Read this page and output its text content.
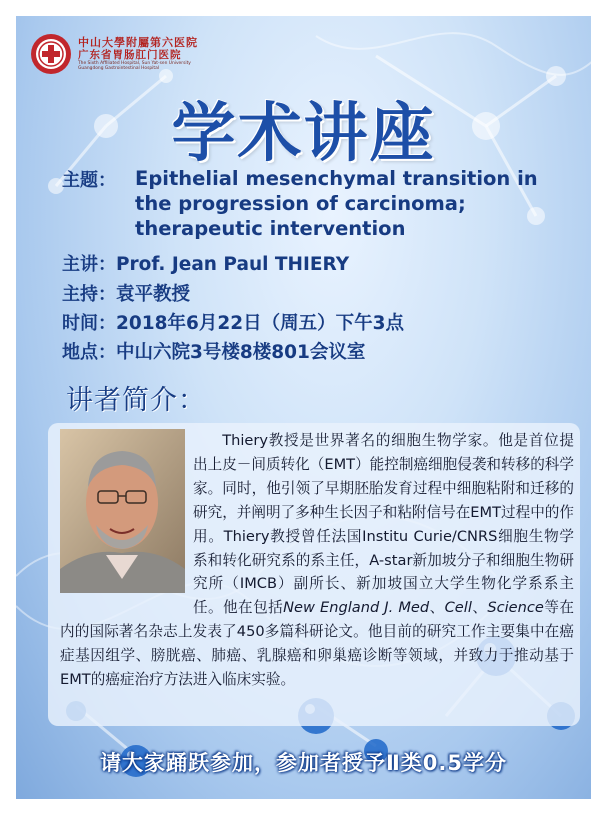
中山大學附屬第六医院
广东省胃肠肛门医院
The Sixth Affiliated Hospital, Sun Yat-sen University
Guangdong Gastrointestinal Hospital
学术讲座
主题： Epithelial mesenchymal transition in the progression of carcinoma; therapeutic intervention
主讲：Prof. Jean Paul THIERY
主持：袁平教授
时间：2018年6月22日（周五）下午3点
地点：中山六院3号楼8楼801会议室
讲者简介：
Thiery教授是世界著名的细胞生物学家。他是首位提出上皮－间质转化（EMT）能控制癌细胞侵袭和转移的科学家。同时，他引领了早期胚胎发育过程中细胞粘附和迁移的研究，并阐明了多种生长因子和粘附信号在EMT过程中的作用。Thiery教授曾任法国Institu Curie/CNRS细胞生物学系和转化研究系的系主任，A-star新加坡分子和细胞生物研究所（IMCB）副所长、新加坡国立大学生物化学系系主任。他在包括New England J. Med、Cell、Science等在内的国际著名杂志上发表了450多篇科研论文。他目前的研究工作主要集中在癌症基因组学、膀胱癌、肺癌、乳腺癌和卵巢癌诊断等领域，并致力于推动基于EMT的癌症治疗方法进入临床实验。
请大家踊跃参加，参加者授予Ⅱ类0.5学分
